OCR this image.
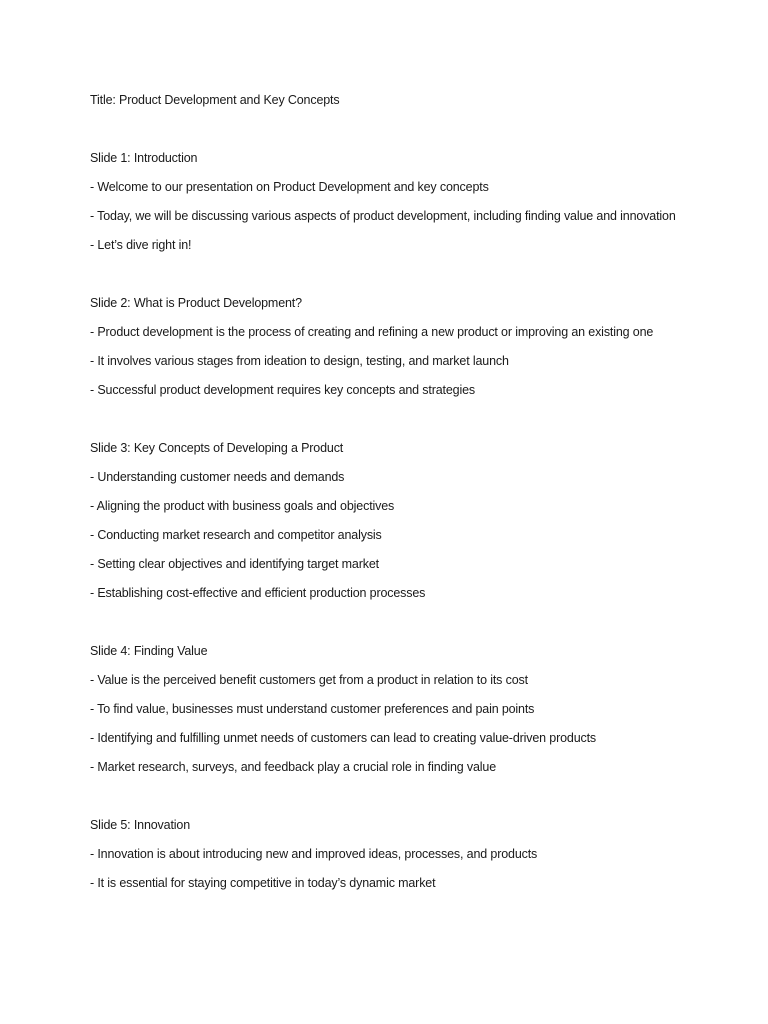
Title: Product Development and Key Concepts

Slide 1: Introduction

- Welcome to our presentation on Product Development and key concepts

- Today, we will be discussing various aspects of product development, including finding value and innovation

- Let’s dive right in!

Slide 2: What is Product Development?

- Product development is the process of creating and refining a new product or improving an existing one

- It involves various stages from ideation to design, testing, and market launch

- Successful product development requires key concepts and strategies

Slide 3: Key Concepts of Developing a Product

- Understanding customer needs and demands

- Aligning the product with business goals and objectives

- Conducting market research and competitor analysis

- Setting clear objectives and identifying target market

- Establishing cost-effective and efficient production processes

Slide 4: Finding Value

- Value is the perceived benefit customers get from a product in relation to its cost

- To find value, businesses must understand customer preferences and pain points

- Identifying and fulfilling unmet needs of customers can lead to creating value-driven products

- Market research, surveys, and feedback play a crucial role in finding value

Slide 5: Innovation

- Innovation is about introducing new and improved ideas, processes, and products

- It is essential for staying competitive in today’s dynamic market
